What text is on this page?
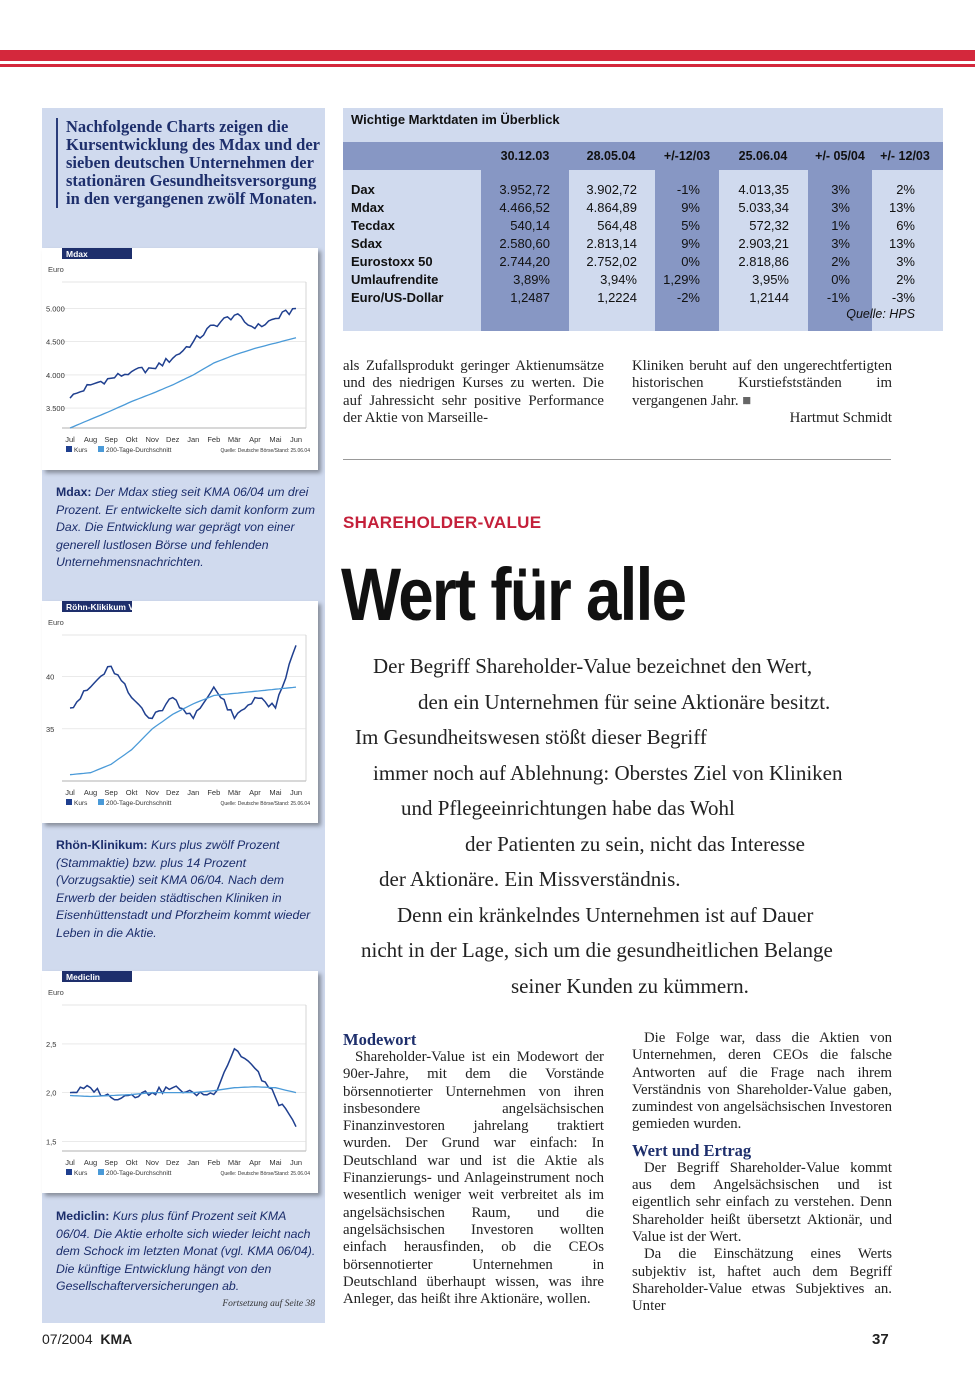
Nachfolgende Charts zeigen die Kursentwicklung des Mdax und der sieben deutschen Unternehmen der stationären Gesundheitsversorgung in den vergangenen zwölf Monaten.
Mdax
Euro
5.000
4.500
4.000
3.500
Jul Aug Sep Okt Nov Dez Jan Feb Mär Apr Mai Jun
Kurs	200-Tage-Durchschnitt	Quelle: Deutsche Börse/Stand: 25.06.04
Mdax: Der Mdax stieg seit KMA 06/04 um drei Prozent. Er entwickelte sich damit konform zum Dax. Die Entwicklung war geprägt von einer generell lustlosen Börse und fehlenden Unternehmensnachrichten.
Röhn-Klikikum VzA
Euro
40
35
Jul Aug Sep Okt Nov Dez Jan Feb Mär Apr Mai Jun
Kurs	200-Tage-Durchschnitt	Quelle: Deutsche Börse/Stand: 25.06.04
Rhön-Klinikum: Kurs plus zwölf Prozent (Stammaktie) bzw. plus 14 Prozent (Vorzugsaktie) seit KMA 06/04. Nach dem Erwerb der beiden städtischen Kliniken in Eisenhüttenstadt und Pforzheim kommt wieder Leben in die Aktie.
Mediclin
Euro
2,5
2,0
1,5
Jul Aug Sep Okt Nov Dez Jan Feb Mär Apr Mai Jun
Kurs	200-Tage-Durchschnitt	Quelle: Deutsche Börse/Stand: 25.06.04
Mediclin: Kurs plus fünf Prozent seit KMA 06/04. Die Aktie erholte sich wieder leicht nach dem Schock im letzten Monat (vgl. KMA 06/04). Die künftige Entwicklung hängt von den Gesellschafterversicherungen ab.
Fortsetzung auf Seite 38
Wichtige Marktdaten im Überblick
30.12.03	28.05.04	+/-12/03	25.06.04	+/- 05/04	+/- 12/03
Dax	3.952,72	3.902,72	-1%	4.013,35	3%	2%
Mdax	4.466,52	4.864,89	9%	5.033,34	3%	13%
Tecdax	540,14	564,48	5%	572,32	1%	6%
Sdax	2.580,60	2.813,14	9%	2.903,21	3%	13%
Eurostoxx 50	2.744,20	2.752,02	0%	2.818,86	2%	3%
Umlaufrendite	3,89%	3,94%	1,29%	3,95%	0%	2%
Euro/US-Dollar	1,2487	1,2224	-2%	1,2144	-1%	-3%
Quelle: HPS

als Zufallsprodukt geringer Aktienumsätze und des niedrigen Kurses zu werten. Die auf Jahressicht sehr positive Performance der Aktie von Marseille-

Kliniken beruht auf den ungerechtfertigten historischen Kurstiefstständen im vergangenen Jahr. ■

Hartmut Schmidt
SHAREHOLDER-VALUE
Wert für alle
Der Begriff Shareholder-Value bezeichnet den Wert,
den ein Unternehmen für seine Aktionäre besitzt.
Im Gesundheitswesen stößt dieser Begriff
immer noch auf Ablehnung: Oberstes Ziel von Kliniken
und Pflegeeinrichtungen habe das Wohl
der Patienten zu sein, nicht das Interesse
der Aktionäre. Ein Missverständnis.
Denn ein kränkelndes Unternehmen ist auf Dauer
nicht in der Lage, sich um die gesundheitlichen Belange
seiner Kunden zu kümmern.
Modewort

Shareholder-Value ist ein Modewort der 90er-Jahre, mit dem die Vorstände börsennotierter Unternehmen von ihren insbesondere angelsächsischen Finanzinvestoren jahrelang traktiert wurden. Der Grund war einfach: In Deutschland war und ist die Aktie als Finanzierungs- und Anlageinstrument noch wesentlich weniger weit verbreitet als im angelsächsischen Raum, und die angelsächsischen Investoren wollten einfach herausfinden, ob die CEOs börsennotierter Unternehmen in Deutschland überhaupt wissen, was ihre Anleger, das heißt ihre Aktionäre, wollen.

Die Folge war, dass die Aktien von Unternehmen, deren CEOs die falsche Antworten auf die Frage nach ihrem Verständnis von Shareholder-Value gaben, zumindest von angelsächsischen Investoren gemieden wurden.

Wert und Ertrag

Der Begriff Shareholder-Value kommt aus dem Angelsächsischen und ist eigentlich sehr einfach zu verstehen. Denn Shareholder heißt übersetzt Aktionär, und Value ist der Wert.

Da die Einschätzung eines Werts subjektiv ist, haftet auch dem Begriff Shareholder-Value etwas Subjektives an. Unter

07/2004 KMA	37
